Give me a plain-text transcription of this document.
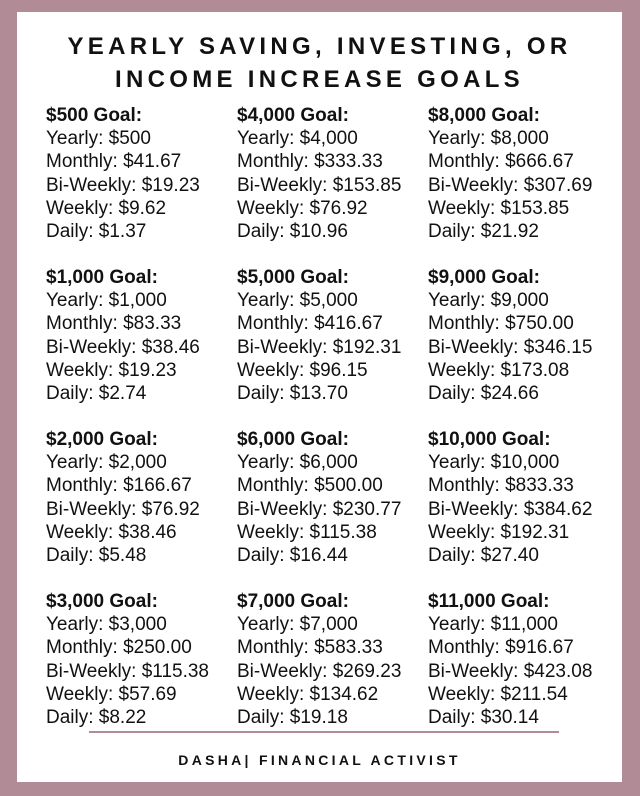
YEARLY SAVING, INVESTING, OR
INCOME INCREASE GOALS
$500 Goal:
Yearly: $500
Monthly: $41.67
Bi-Weekly: $19.23
Weekly: $9.62
Daily: $1.37
$4,000 Goal:
Yearly: $4,000
Monthly: $333.33
Bi-Weekly: $153.85
Weekly: $76.92
Daily: $10.96
$8,000 Goal:
Yearly: $8,000
Monthly: $666.67
Bi-Weekly: $307.69
Weekly: $153.85
Daily: $21.92
$1,000 Goal:
Yearly: $1,000
Monthly: $83.33
Bi-Weekly: $38.46
Weekly: $19.23
Daily: $2.74
$5,000 Goal:
Yearly: $5,000
Monthly: $416.67
Bi-Weekly: $192.31
Weekly: $96.15
Daily: $13.70
$9,000 Goal:
Yearly: $9,000
Monthly: $750.00
Bi-Weekly: $346.15
Weekly: $173.08
Daily: $24.66
$2,000 Goal:
Yearly: $2,000
Monthly: $166.67
Bi-Weekly: $76.92
Weekly: $38.46
Daily: $5.48
$6,000 Goal:
Yearly: $6,000
Monthly: $500.00
Bi-Weekly: $230.77
Weekly: $115.38
Daily: $16.44
$10,000 Goal:
Yearly: $10,000
Monthly: $833.33
Bi-Weekly: $384.62
Weekly: $192.31
Daily: $27.40
$3,000 Goal:
Yearly: $3,000
Monthly: $250.00
Bi-Weekly: $115.38
Weekly: $57.69
Daily: $8.22
$7,000 Goal:
Yearly: $7,000
Monthly: $583.33
Bi-Weekly: $269.23
Weekly: $134.62
Daily: $19.18
$11,000 Goal:
Yearly: $11,000
Monthly: $916.67
Bi-Weekly: $423.08
Weekly: $211.54
Daily: $30.14
DASHA| FINANCIAL ACTIVIST
